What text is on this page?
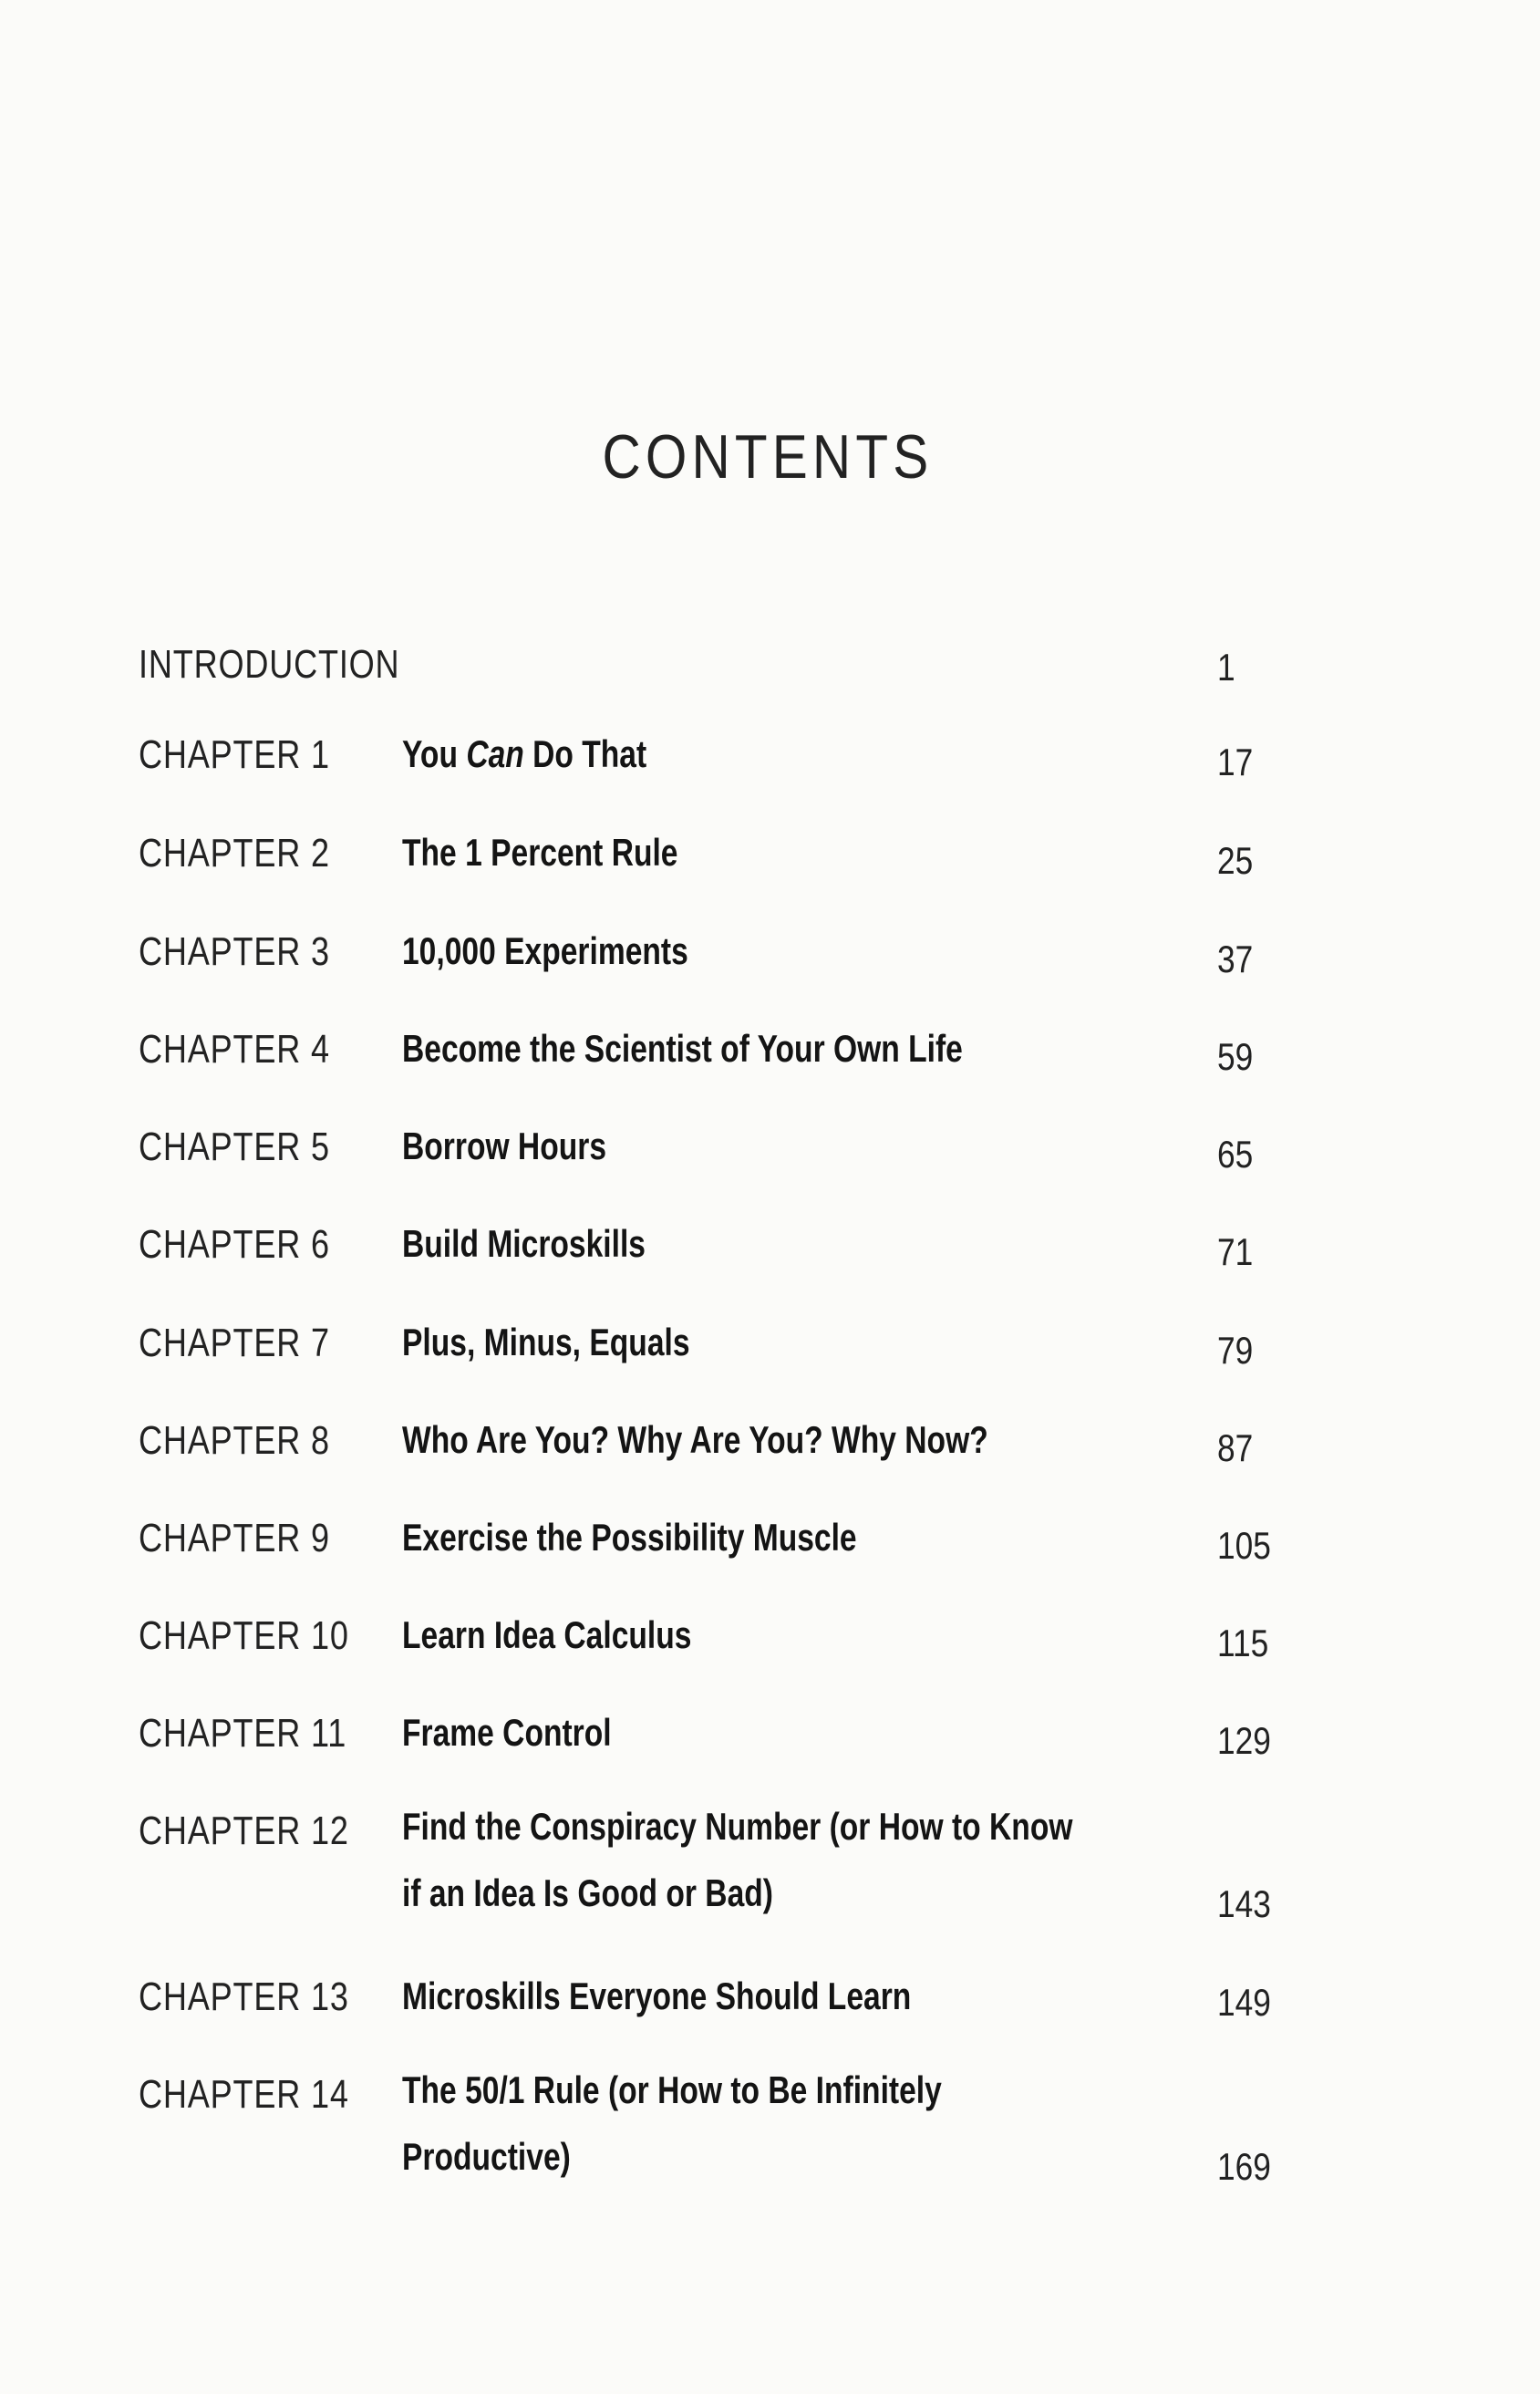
CONTENTS
INTRODUCTION	1
CHAPTER 1 You Can Do That	17
CHAPTER 2 The 1 Percent Rule	25
CHAPTER 3 10,000 Experiments	37
CHAPTER 4 Become the Scientist of Your Own Life	59
CHAPTER 5 Borrow Hours	65
CHAPTER 6 Build Microskills	71
CHAPTER 7 Plus, Minus, Equals	79
CHAPTER 8 Who Are You? Why Are You? Why Now?	87
CHAPTER 9 Exercise the Possibility Muscle	105
CHAPTER 10 Learn Idea Calculus	115
CHAPTER 11 Frame Control	129
CHAPTER 12 Find the Conspiracy Number (or How to Know
if an Idea Is Good or Bad)	143
CHAPTER 13 Microskills Everyone Should Learn	149
CHAPTER 14 The 50/1 Rule (or How to Be Infinitely
Productive)	169
